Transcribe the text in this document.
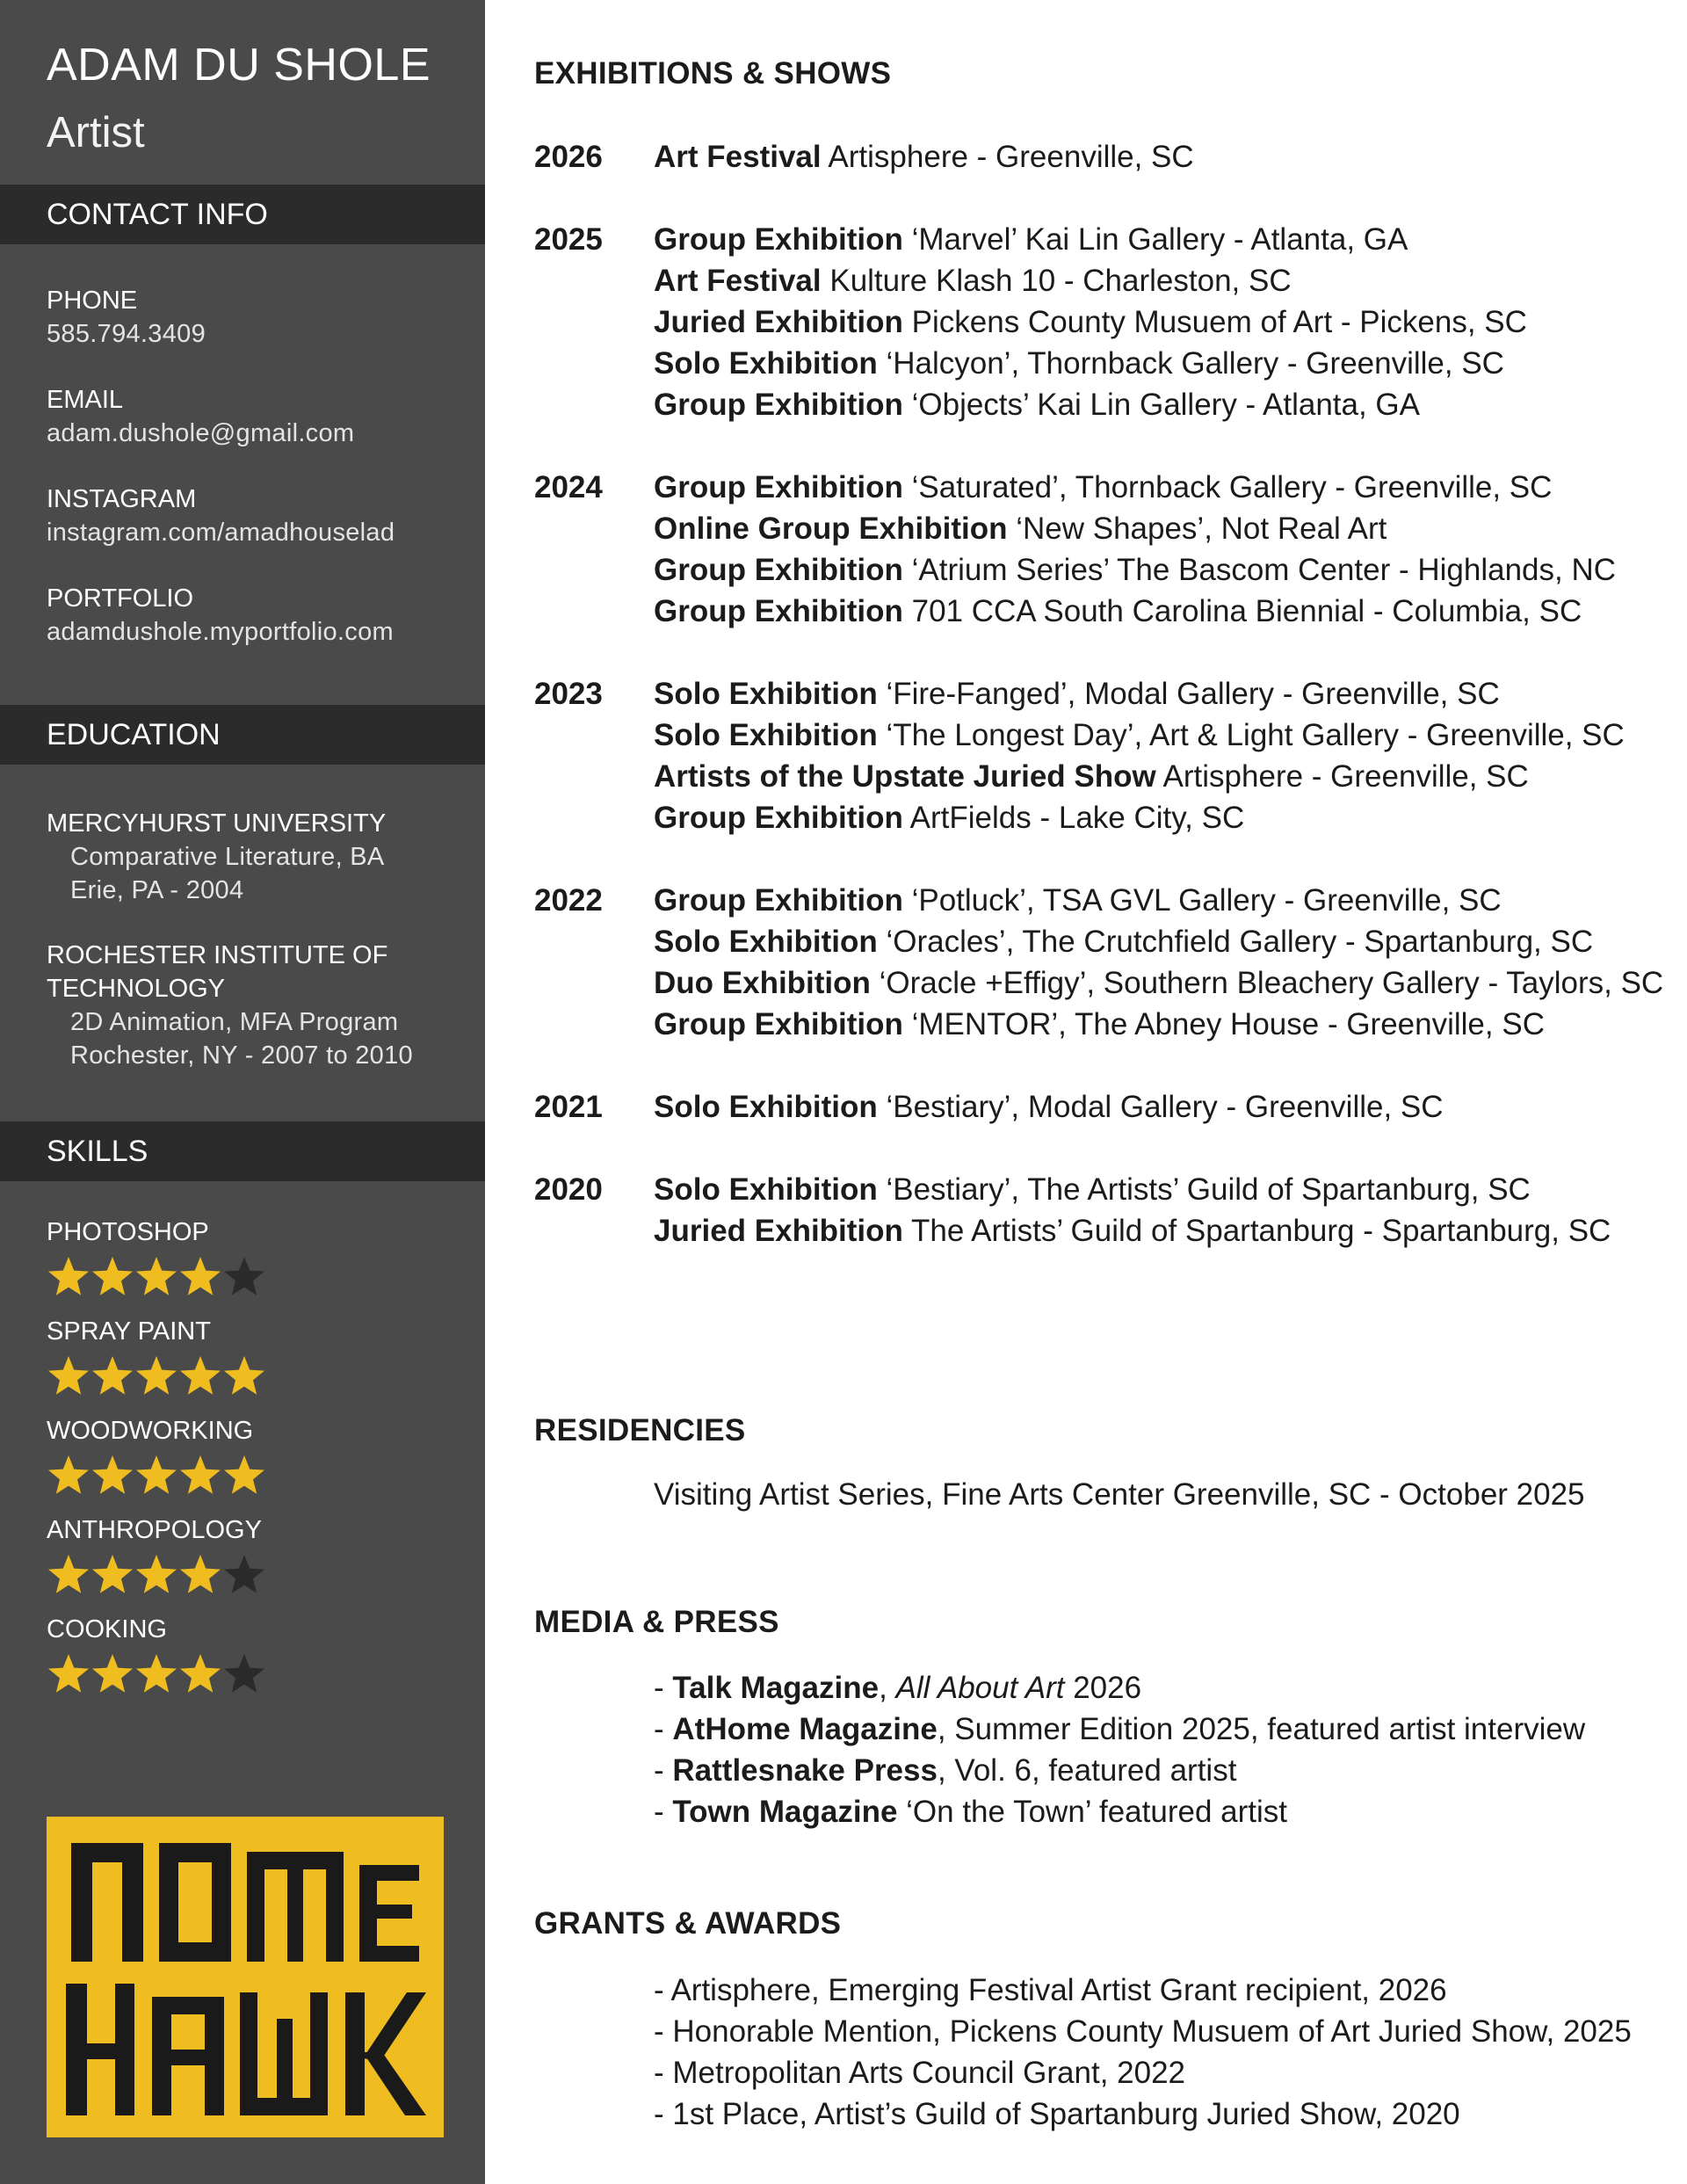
ADAM DU SHOLE
Artist
CONTACT INFO
PHONE
585.794.3409
EMAIL
adam.dushole@gmail.com
INSTAGRAM
instagram.com/amadhouselad
PORTFOLIO
adamdushole.myportfolio.com
EDUCATION
MERCYHURST UNIVERSITY
Comparative Literature, BA
Erie, PA - 2004
ROCHESTER INSTITUTE OF TECHNOLOGY
2D Animation, MFA Program
Rochester, NY - 2007 to 2010
SKILLS
PHOTOSHOP
SPRAY PAINT
WOODWORKING
ANTHROPOLOGY
COOKING
EXHIBITIONS & SHOWS
2026 Art Festival Artisphere - Greenville, SC
2025 Group Exhibition ‘Marvel’ Kai Lin Gallery - Atlanta, GA
Art Festival Kulture Klash 10 - Charleston, SC
Juried Exhibition Pickens County Musuem of Art - Pickens, SC
Solo Exhibition ‘Halcyon’, Thornback Gallery - Greenville, SC
Group Exhibition ‘Objects’ Kai Lin Gallery - Atlanta, GA
2024 Group Exhibition ‘Saturated’, Thornback Gallery - Greenville, SC
Online Group Exhibition ‘New Shapes’, Not Real Art
Group Exhibition ‘Atrium Series’ The Bascom Center - Highlands, NC
Group Exhibition 701 CCA South Carolina Biennial - Columbia, SC
2023 Solo Exhibition ‘Fire-Fanged’, Modal Gallery - Greenville, SC
Solo Exhibition ‘The Longest Day’, Art & Light Gallery - Greenville, SC
Artists of the Upstate Juried Show Artisphere - Greenville, SC
Group Exhibition ArtFields - Lake City, SC
2022 Group Exhibition ‘Potluck’, TSA GVL Gallery - Greenville, SC
Solo Exhibition ‘Oracles’, The Crutchfield Gallery - Spartanburg, SC
Duo Exhibition ‘Oracle +Effigy’, Southern Bleachery Gallery - Taylors, SC
Group Exhibition ‘MENTOR’, The Abney House - Greenville, SC
2021 Solo Exhibition ‘Bestiary’, Modal Gallery - Greenville, SC
2020 Solo Exhibition ‘Bestiary’, The Artists’ Guild of Spartanburg, SC
Juried Exhibition The Artists’ Guild of Spartanburg - Spartanburg, SC
RESIDENCIES
Visiting Artist Series, Fine Arts Center Greenville, SC - October 2025
MEDIA & PRESS
- Talk Magazine, All About Art 2026
- AtHome Magazine, Summer Edition 2025, featured artist interview
- Rattlesnake Press, Vol. 6, featured artist
- Town Magazine ‘On the Town’ featured artist
GRANTS & AWARDS
- Artisphere, Emerging Festival Artist Grant recipient, 2026
- Honorable Mention, Pickens County Musuem of Art Juried Show, 2025
- Metropolitan Arts Council Grant, 2022
- 1st Place, Artist’s Guild of Spartanburg Juried Show, 2020
